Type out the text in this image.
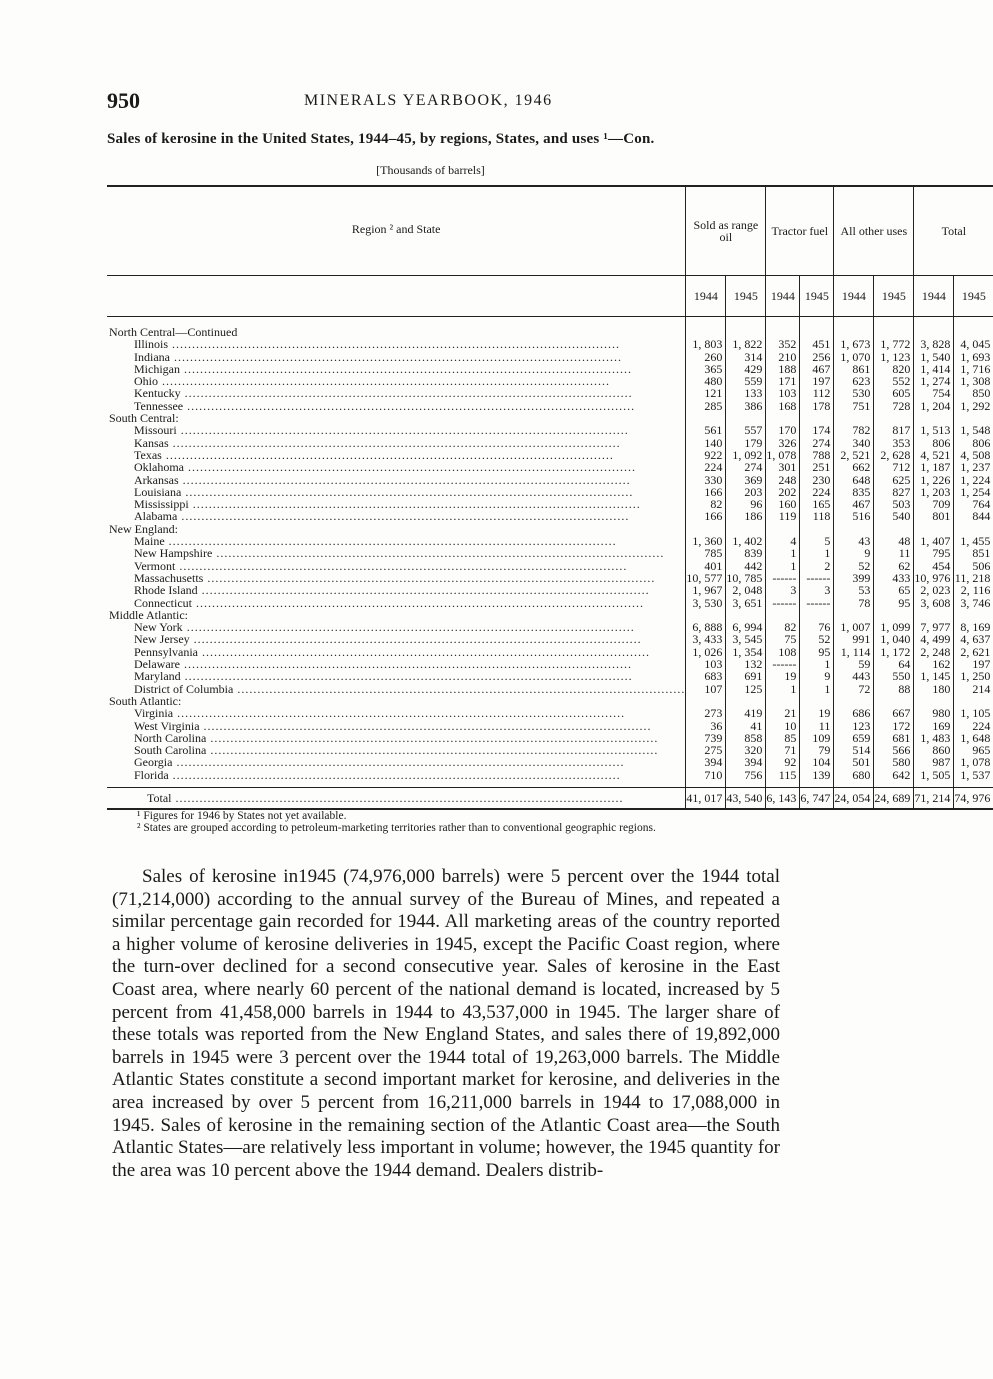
950	MINERALS YEARBOOK, 1946
Sales of kerosine in the United States, 1944–45, by regions, States, and uses ¹—Con.
[Thousands of barrels]
Region ² and State	Sold as range oil		Tractor fuel		All other uses		Total	
	1944	1945	1944	1945	1944	1945	1944	1945

North Central—Continued								
Illinois .....	1, 803	1, 822	352	451	1, 673	1, 772	3, 828	4, 045
Indiana .....	260	314	210	256	1, 070	1, 123	1, 540	1, 693
Michigan .....	365	429	188	467	861	820	1, 414	1, 716
Ohio .....	480	559	171	197	623	552	1, 274	1, 308
Kentucky .....	121	133	103	112	530	605	754	850
Tennessee .....	285	386	168	178	751	728	1, 204	1, 292
South Central:								
Missouri .....	561	557	170	174	782	817	1, 513	1, 548
Kansas .....	140	179	326	274	340	353	806	806
Texas .....	922	1, 092	1, 078	788	2, 521	2, 628	4, 521	4, 508
Oklahoma .....	224	274	301	251	662	712	1, 187	1, 237
Arkansas .....	330	369	248	230	648	625	1, 226	1, 224
Louisiana .....	166	203	202	224	835	827	1, 203	1, 254
Mississippi .....	82	96	160	165	467	503	709	764
Alabama .....	166	186	119	118	516	540	801	844
New England:								
Maine .....	1, 360	1, 402	4	5	43	48	1, 407	1, 455
New Hampshire .....	785	839	1	1	9	11	795	851
Vermont .....	401	442	1	2	52	62	454	506
Massachusetts .....	10, 577	10, 785	------	------	399	433	10, 976	11, 218
Rhode Island .....	1, 967	2, 048	3	3	53	65	2, 023	2, 116
Connecticut .....	3, 530	3, 651	------	------	78	95	3, 608	3, 746
Middle Atlantic:								
New York .....	6, 888	6, 994	82	76	1, 007	1, 099	7, 977	8, 169
New Jersey .....	3, 433	3, 545	75	52	991	1, 040	4, 499	4, 637
Pennsylvania .....	1, 026	1, 354	108	95	1, 114	1, 172	2, 248	2, 621
Delaware .....	103	132	------	1	59	64	162	197
Maryland .....	683	691	19	9	443	550	1, 145	1, 250
District of Columbia .....	107	125	1	1	72	88	180	214
South Atlantic:								
Virginia .....	273	419	21	19	686	667	980	1, 105
West Virginia .....	36	41	10	11	123	172	169	224
North Carolina .....	739	858	85	109	659	681	1, 483	1, 648
South Carolina .....	275	320	71	79	514	566	860	965
Georgia .....	394	394	92	104	501	580	987	1, 078
Florida .....	710	756	115	139	680	642	1, 505	1, 537

Total .....	41, 017	43, 540	6, 143	6, 747	24, 054	24, 689	71, 214	74, 976
¹ Figures for 1946 by States not yet available.
² States are grouped according to petroleum-marketing territories rather than to conventional geographic regions.

Sales of kerosine in1945 (74,976,000 barrels) were 5 percent over the 1944 total (71,214,000) according to the annual survey of the Bureau of Mines, and repeated a similar percentage gain recorded for 1944. All marketing areas of the country reported a higher volume of kerosine deliveries in 1945, except the Pacific Coast region, where the turn-over declined for a second consecutive year. Sales of kerosine in the East Coast area, where nearly 60 percent of the national demand is located, increased by 5 percent from 41,458,000 barrels in 1944 to 43,537,000 in 1945. The larger share of these totals was reported from the New England States, and sales there of 19,892,000 barrels in 1945 were 3 percent over the 1944 total of 19,263,000 barrels. The Middle Atlantic States constitute a second important market for kerosine, and deliveries in the area increased by over 5 percent from 16,211,000 barrels in 1944 to 17,088,000 in 1945. Sales of kerosine in the remaining section of the Atlantic Coast area—the South Atlantic States—are relatively less important in volume; however, the 1945 quantity for the area was 10 percent above the 1944 demand. Dealers distrib-
